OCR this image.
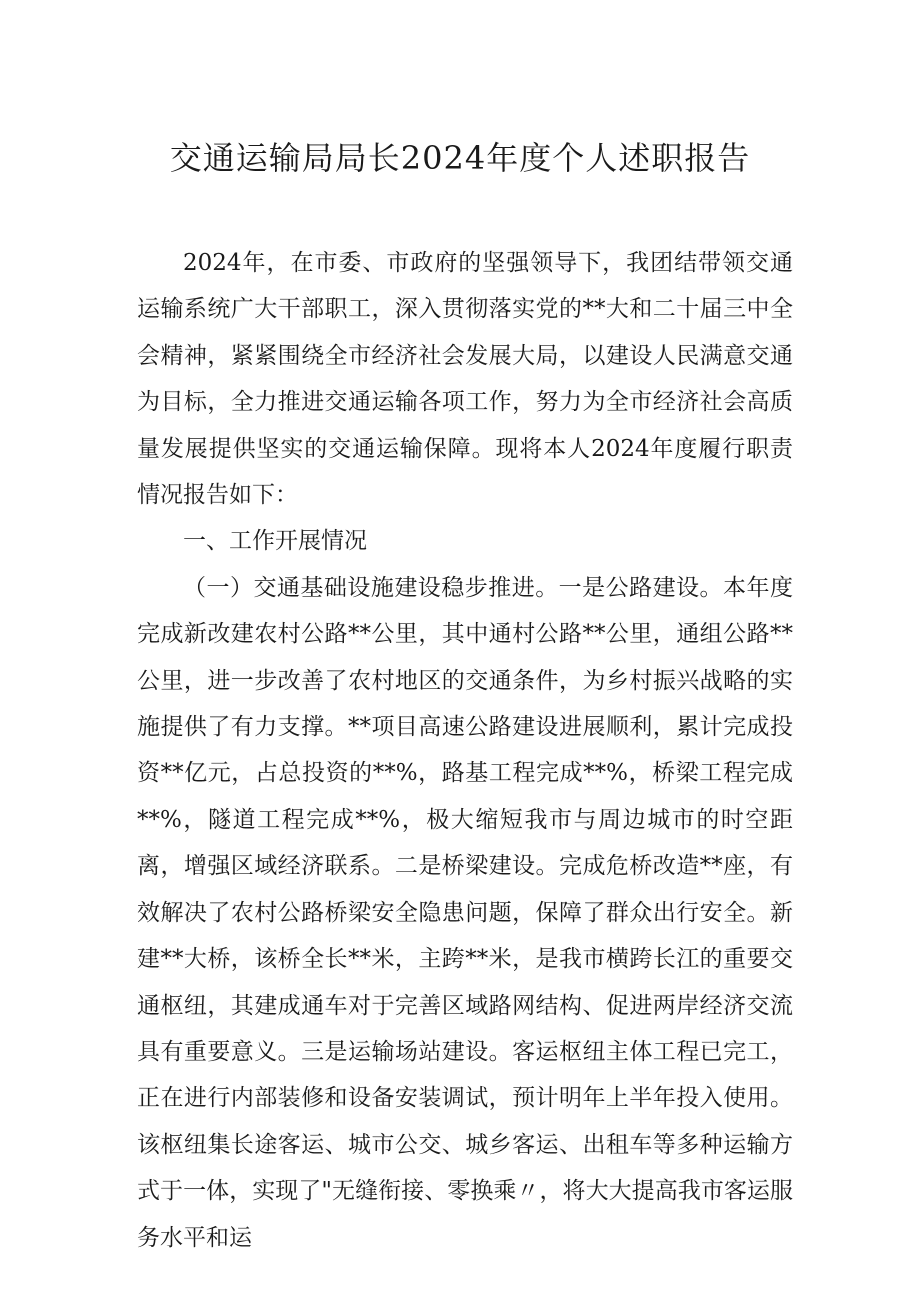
交通运输局局长2024年度个人述职报告

2024年，在市委、市政府的坚强领导下，我团结带领交通运输系统广大干部职工，深入贯彻落实党的**大和二十届三中全会精神，紧紧围绕全市经济社会发展大局，以建设人民满意交通为目标，全力推进交通运输各项工作，努力为全市经济社会高质量发展提供坚实的交通运输保障。现将本人2024年度履行职责情况报告如下：

一、工作开展情况

（一）交通基础设施建设稳步推进。一是公路建设。本年度完成新改建农村公路**公里，其中通村公路**公里，通组公路**公里，进一步改善了农村地区的交通条件，为乡村振兴战略的实施提供了有力支撑。**项目高速公路建设进展顺利，累计完成投资**亿元，占总投资的**%，路基工程完成**%，桥梁工程完成**%，隧道工程完成**%，极大缩短我市与周边城市的时空距离，增强区域经济联系。二是桥梁建设。完成危桥改造**座，有效解决了农村公路桥梁安全隐患问题，保障了群众出行安全。新建**大桥，该桥全长**米，主跨**米，是我市横跨长江的重要交通枢纽，其建成通车对于完善区域路网结构、促进两岸经济交流具有重要意义。三是运输场站建设。客运枢纽主体工程已完工，正在进行内部装修和设备安装调试，预计明年上半年投入使用。该枢纽集长途客运、城市公交、城乡客运、出租车等多种运输方式于一体，实现了"无缝衔接、零换乘〃，将大大提高我市客运服务水平和运
